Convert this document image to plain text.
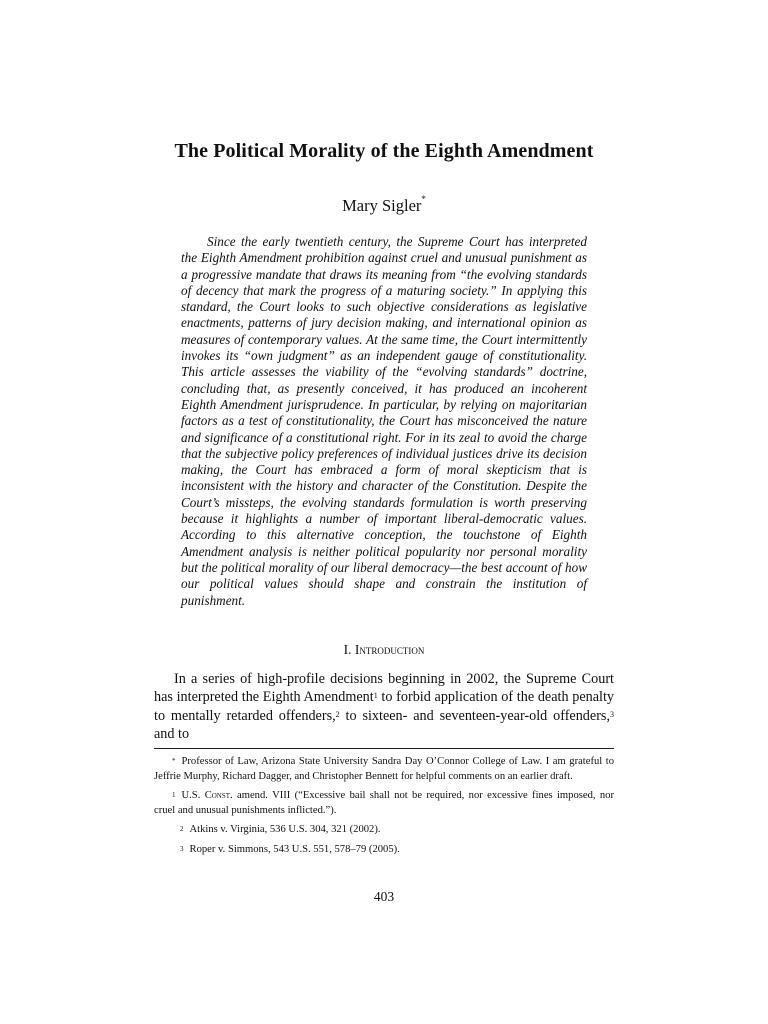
The Political Morality of the Eighth Amendment
Mary Sigler*

Since the early twentieth century, the Supreme Court has interpreted the Eighth Amendment prohibition against cruel and unusual punishment as a progressive mandate that draws its meaning from “the evolving standards of decency that mark the progress of a maturing society.” In applying this standard, the Court looks to such objective considerations as legislative enactments, patterns of jury decision making, and international opinion as measures of contemporary values. At the same time, the Court intermittently invokes its “own judgment” as an independent gauge of constitutionality. This article assesses the viability of the “evolving standards” doctrine, concluding that, as presently conceived, it has produced an incoherent Eighth Amendment jurisprudence. In particular, by relying on majoritarian factors as a test of constitutionality, the Court has misconceived the nature and significance of a constitutional right. For in its zeal to avoid the charge that the subjective policy preferences of individual justices drive its decision making, the Court has embraced a form of moral skepticism that is inconsistent with the history and character of the Constitution. Despite the Court’s missteps, the evolving standards formulation is worth preserving because it highlights a number of important liberal-democratic values. According to this alternative conception, the touchstone of Eighth Amendment analysis is neither political popularity nor personal morality but the political morality of our liberal democracy—the best account of how our political values should shape and constrain the institution of punishment.

I. Introduction

In a series of high-profile decisions beginning in 2002, the Supreme Court has interpreted the Eighth Amendment$^1$ to forbid application of the death penalty to mentally retarded offenders,$^2$ to sixteen- and seventeen-year-old offenders,$^3$ and to

* Professor of Law, Arizona State University Sandra Day O’Connor College of Law. I am grateful to Jeffrie Murphy, Richard Dagger, and Christopher Bennett for helpful comments on an earlier draft.

$^1$ U.S. Const. amend. VIII (“Excessive bail shall not be required, nor excessive fines imposed, nor cruel and unusual punishments inflicted.”).

$^2$ Atkins v. Virginia, 536 U.S. 304, 321 (2002).

$^3$ Roper v. Simmons, 543 U.S. 551, 578–79 (2005).

403
